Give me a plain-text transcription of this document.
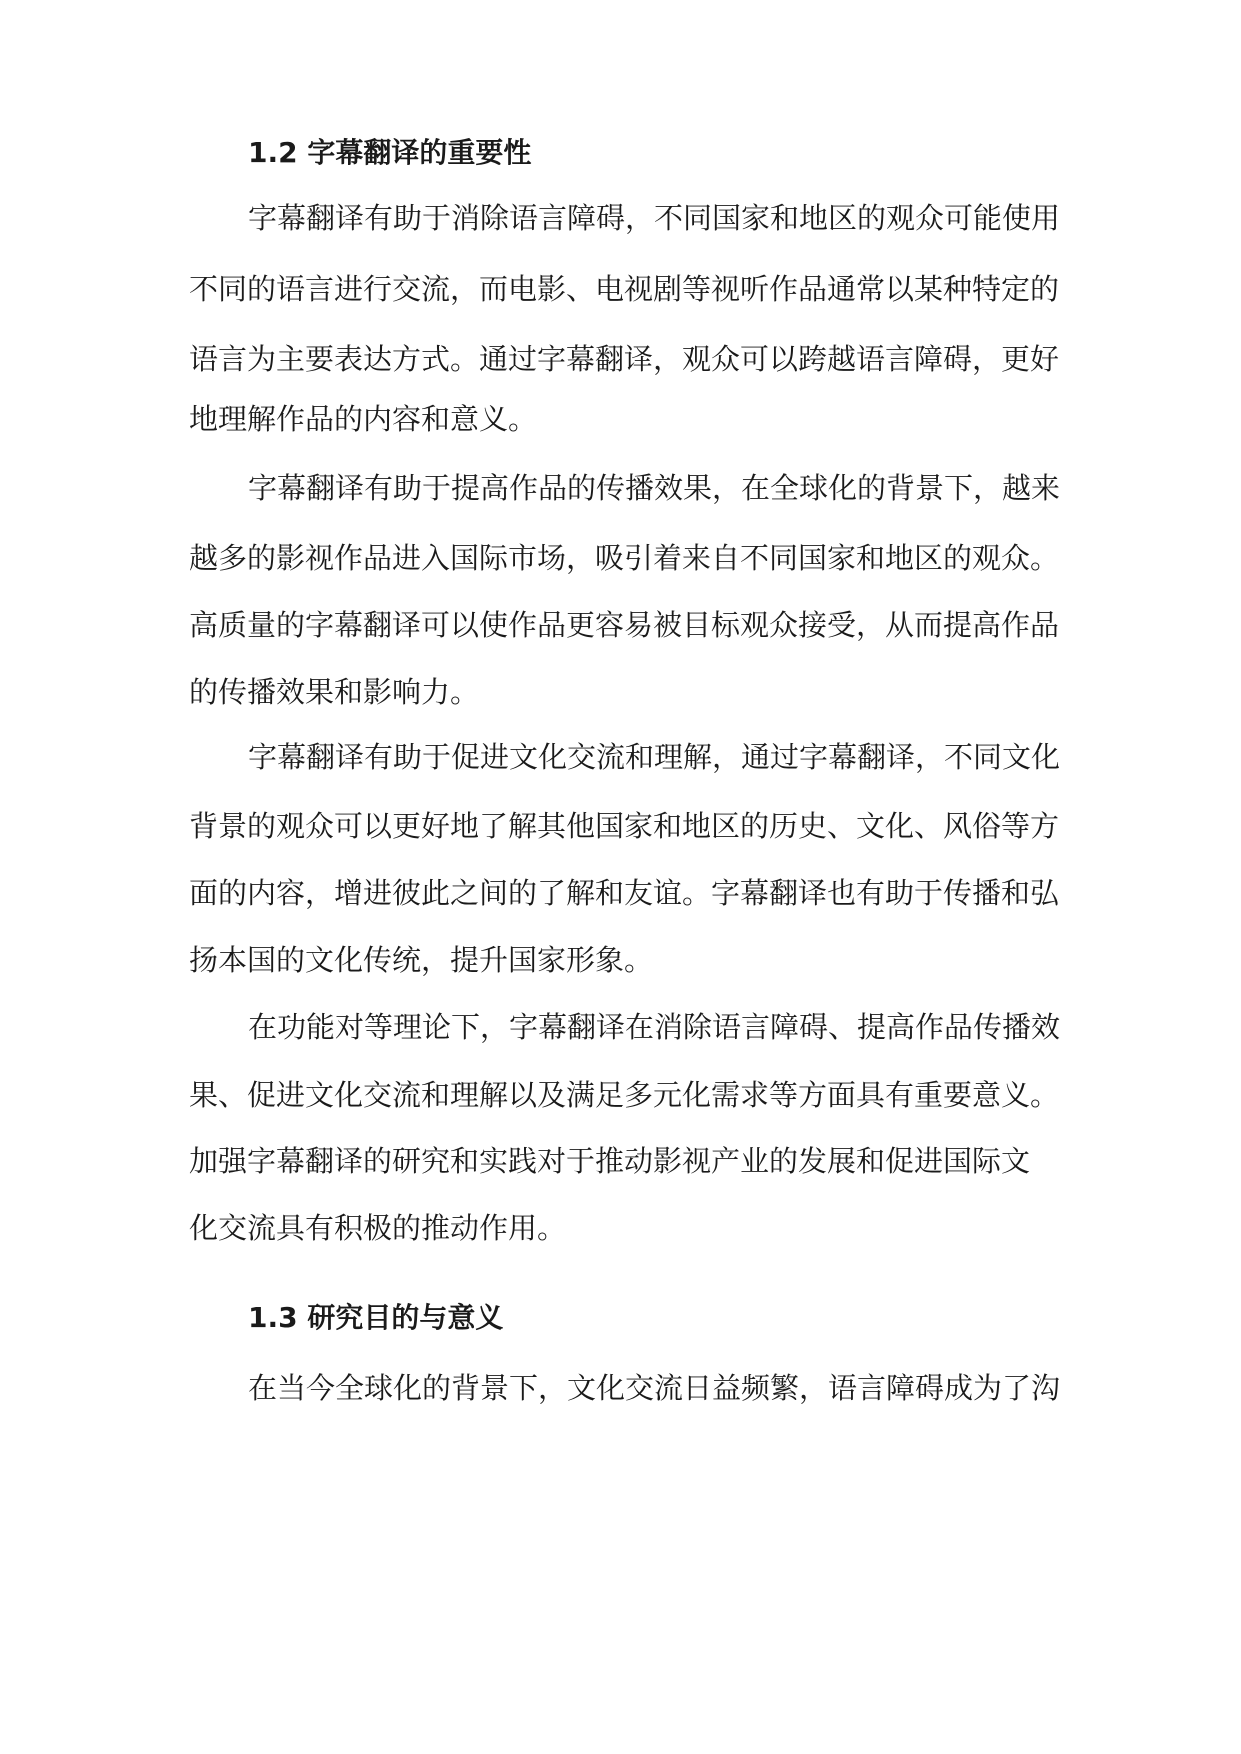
1.2 字幕翻译的重要性

字幕翻译有助于消除语言障碍，不同国家和地区的观众可能使用

不同的语言进行交流，而电影、电视剧等视听作品通常以某种特定的

语言为主要表达方式。通过字幕翻译，观众可以跨越语言障碍，更好

地理解作品的内容和意义。

字幕翻译有助于提高作品的传播效果，在全球化的背景下，越来

越多的影视作品进入国际市场，吸引着来自不同国家和地区的观众。

高质量的字幕翻译可以使作品更容易被目标观众接受，从而提高作品

的传播效果和影响力。

字幕翻译有助于促进文化交流和理解，通过字幕翻译，不同文化

背景的观众可以更好地了解其他国家和地区的历史、文化、风俗等方

面的内容，增进彼此之间的了解和友谊。字幕翻译也有助于传播和弘

扬本国的文化传统，提升国家形象。

在功能对等理论下，字幕翻译在消除语言障碍、提高作品传播效

果、促进文化交流和理解以及满足多元化需求等方面具有重要意义。

加强字幕翻译的研究和实践对于推动影视产业的发展和促进国际文

化交流具有积极的推动作用。

1.3 研究目的与意义

在当今全球化的背景下，文化交流日益频繁，语言障碍成为了沟
